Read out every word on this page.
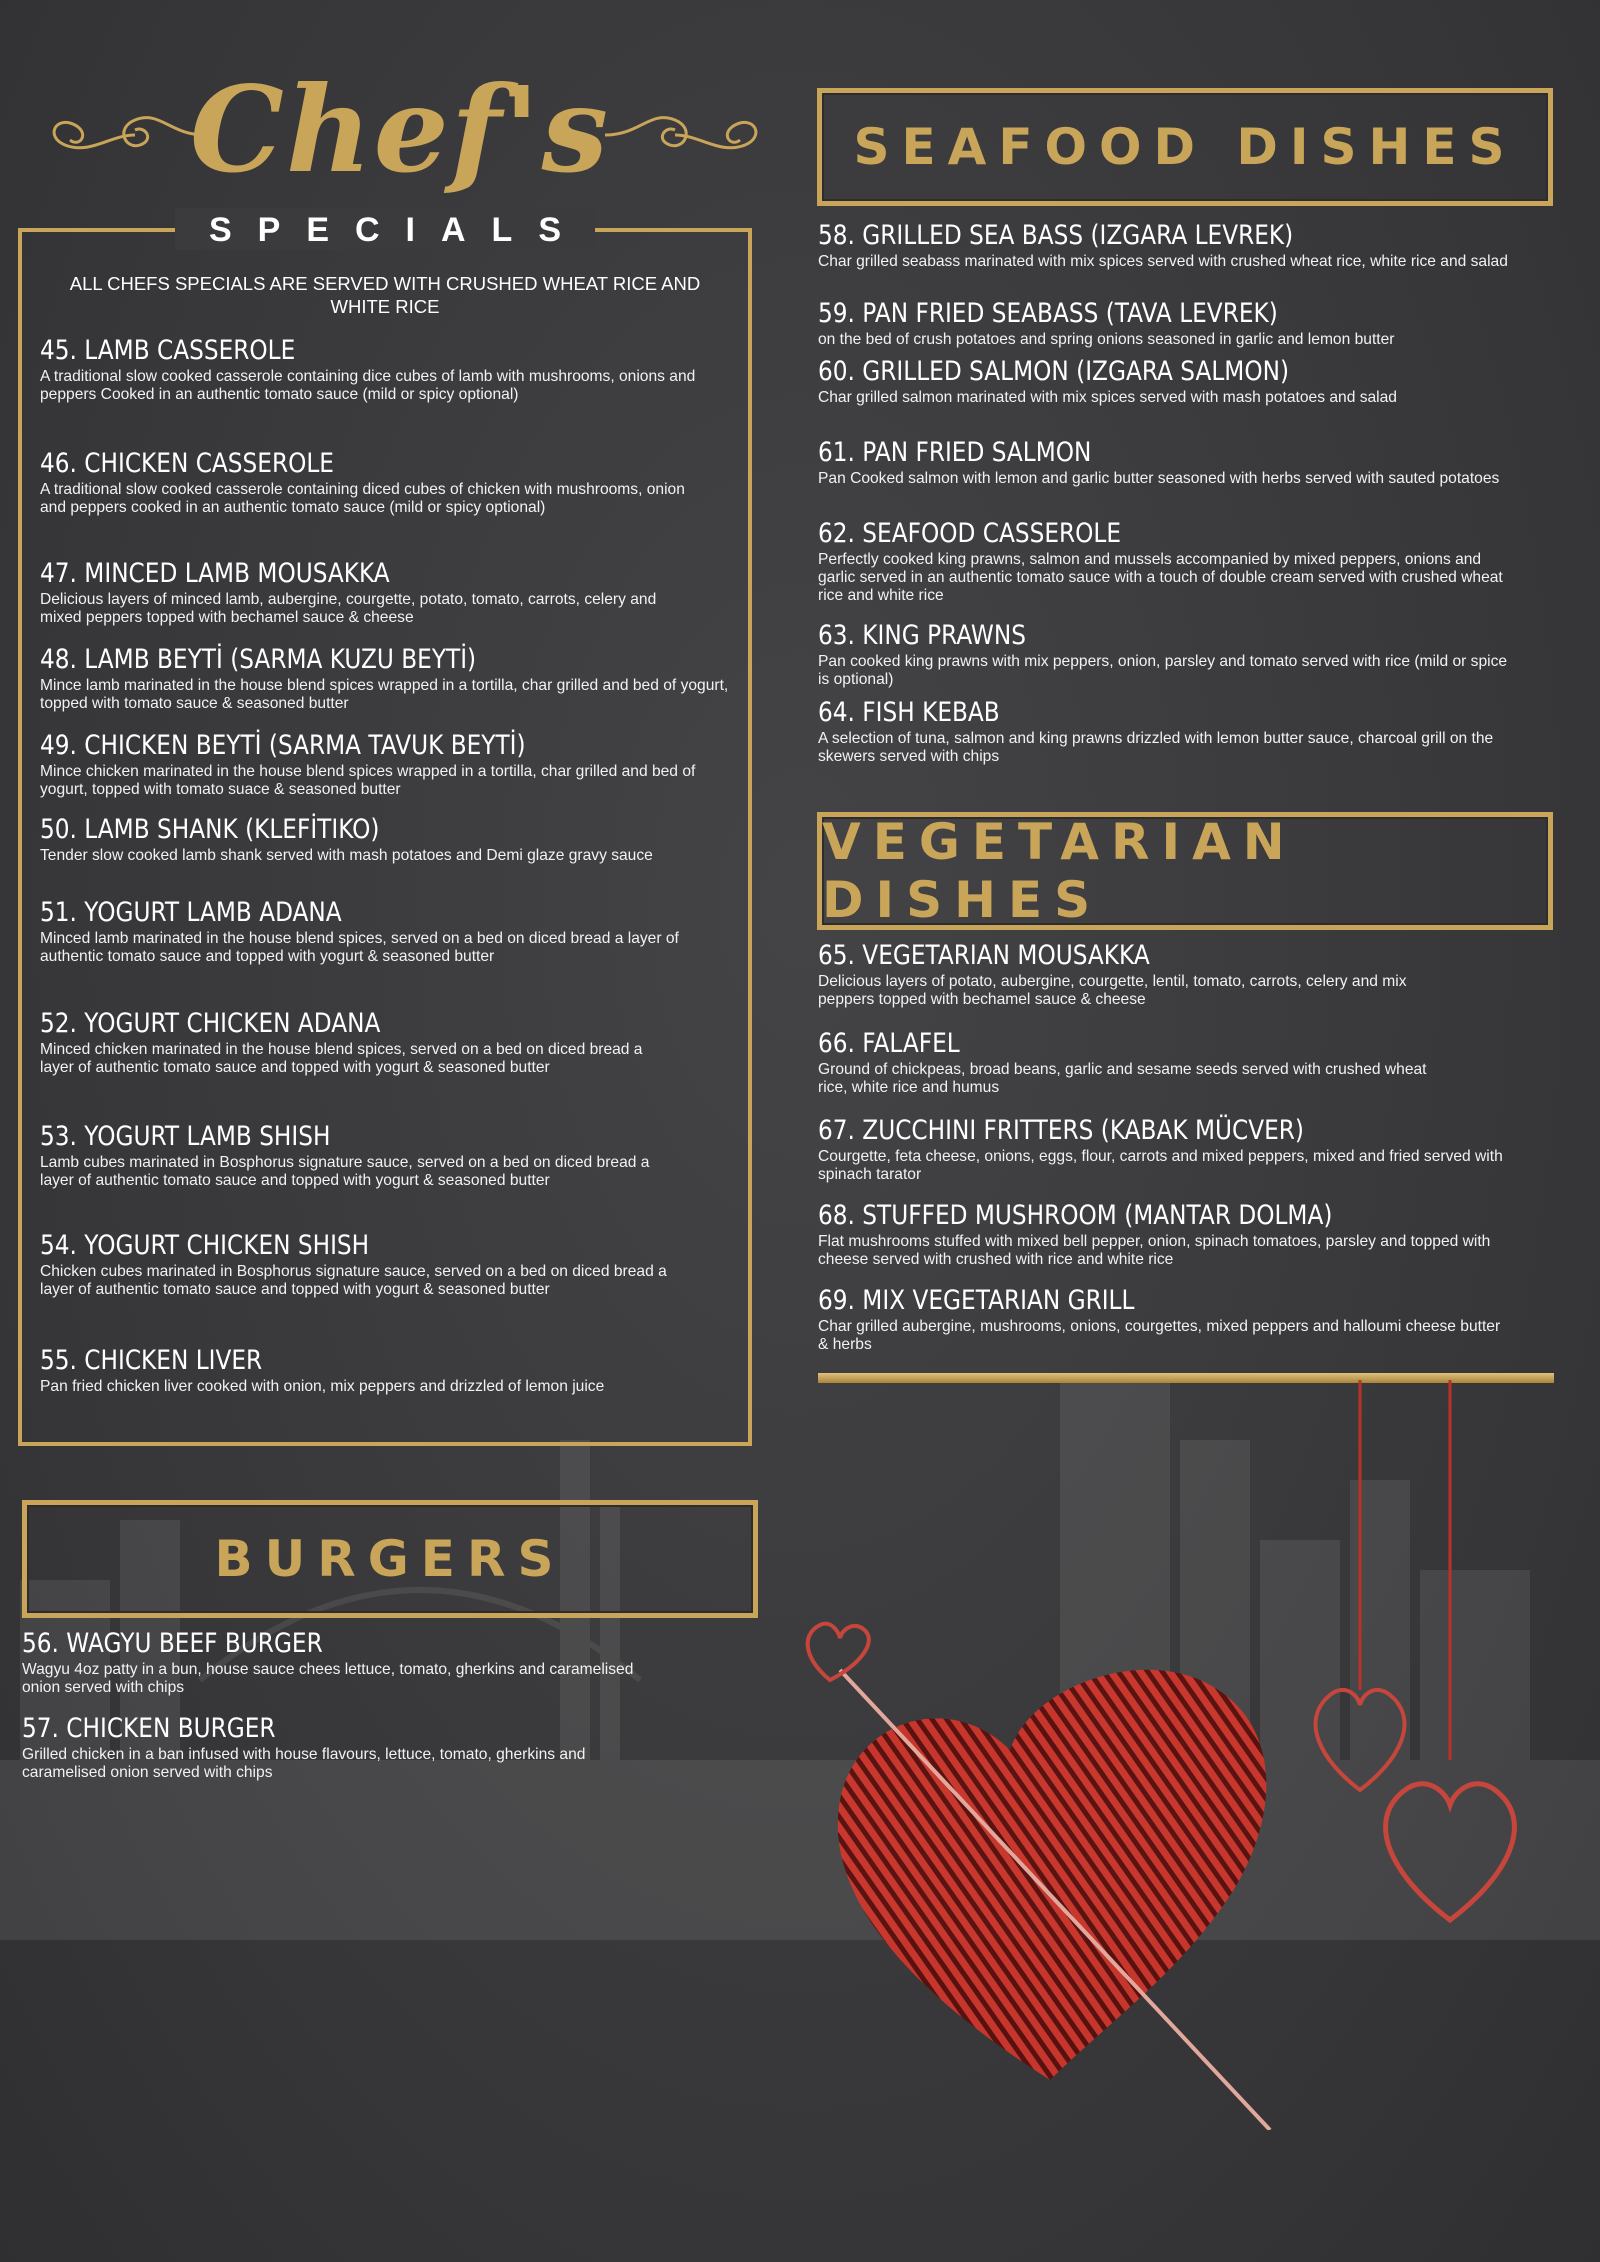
Chef's
SPECIALS
ALL CHEFS SPECIALS ARE SERVED WITH CRUSHED WHEAT RICE AND WHITE RICE
45. LAMB CASSEROLE
A traditional slow cooked casserole containing dice cubes of lamb with mushrooms, onions and peppers Cooked in an authentic tomato sauce (mild or spicy optional)
46. CHICKEN CASSEROLE
A traditional slow cooked casserole containing diced cubes of chicken with mushrooms, onion and peppers cooked in an authentic tomato sauce (mild or spicy optional)
47. MINCED LAMB MOUSAKKA
Delicious layers of minced lamb, aubergine, courgette, potato, tomato, carrots, celery and mixed peppers topped with bechamel sauce & cheese
48. LAMB BEYTİ (SARMA KUZU BEYTİ)
Mince lamb marinated in the house blend spices wrapped in a tortilla, char grilled and bed of yogurt, topped with tomato sauce & seasoned butter
49. CHICKEN BEYTİ (SARMA TAVUK BEYTİ)
Mince chicken marinated in the house blend spices wrapped in a tortilla, char grilled and bed of yogurt, topped with tomato suace & seasoned butter
50. LAMB SHANK (KLEFİTIKO)
Tender slow cooked lamb shank served with mash potatoes and Demi glaze gravy sauce
51. YOGURT LAMB ADANA
Minced lamb marinated in the house blend spices, served on a bed on diced bread a layer of authentic tomato sauce and topped with yogurt & seasoned butter
52. YOGURT CHICKEN ADANA
Minced chicken marinated in the house blend spices, served on a bed on diced bread a layer of authentic tomato sauce and topped with yogurt & seasoned butter
53. YOGURT LAMB SHISH
Lamb cubes marinated in Bosphorus signature sauce, served on a bed on diced bread a layer of authentic tomato sauce and topped with yogurt & seasoned butter
54. YOGURT CHICKEN SHISH
Chicken cubes marinated in Bosphorus signature sauce, served on a bed on diced bread a layer of authentic tomato sauce and topped with yogurt & seasoned butter
55. CHICKEN LIVER
Pan fried chicken liver cooked with onion, mix peppers and drizzled of lemon juice
BURGERS
56. WAGYU BEEF BURGER
Wagyu 4oz patty in a bun, house sauce chees lettuce, tomato, gherkins and caramelised onion served with chips
57. CHICKEN BURGER
Grilled chicken in a ban infused with house flavours, lettuce, tomato, gherkins and caramelised onion served with chips
SEAFOOD DISHES
58. GRILLED SEA BASS (IZGARA LEVREK)
Char grilled seabass marinated with mix spices served with crushed wheat rice, white rice and salad
59. PAN FRIED SEABASS (TAVA LEVREK)
on the bed of crush potatoes and spring onions seasoned in garlic and lemon butter
60. GRILLED SALMON (IZGARA SALMON)
Char grilled salmon marinated with mix spices served with mash potatoes and salad
61. PAN FRIED SALMON
Pan Cooked salmon with lemon and garlic butter seasoned with herbs served with sauted potatoes
62. SEAFOOD CASSEROLE
Perfectly cooked king prawns, salmon and mussels accompanied by mixed peppers, onions and garlic served in an authentic tomato sauce with a touch of double cream served with crushed wheat rice and white rice
63. KING PRAWNS
Pan cooked king prawns with mix peppers, onion, parsley and tomato served with rice (mild or spice is optional)
64. FISH KEBAB
A selection of tuna, salmon and king prawns drizzled with lemon butter sauce, charcoal grill on the skewers served with chips
VEGETARIAN DISHES
65. VEGETARIAN MOUSAKKA
Delicious layers of potato, aubergine, courgette, lentil, tomato, carrots, celery and mix peppers topped with bechamel sauce & cheese
66. FALAFEL
Ground of chickpeas, broad beans, garlic and sesame seeds served with crushed wheat rice, white rice and humus
67. ZUCCHINI FRITTERS (KABAK MÜCVER)
Courgette, feta cheese, onions, eggs, flour, carrots and mixed peppers, mixed and fried served with spinach tarator
68. STUFFED MUSHROOM (MANTAR DOLMA)
Flat mushrooms stuffed with mixed bell pepper, onion, spinach tomatoes, parsley and topped with cheese served with crushed with rice and white rice
69. MIX VEGETARIAN GRILL
Char grilled aubergine, mushrooms, onions, courgettes, mixed peppers and halloumi cheese butter & herbs
